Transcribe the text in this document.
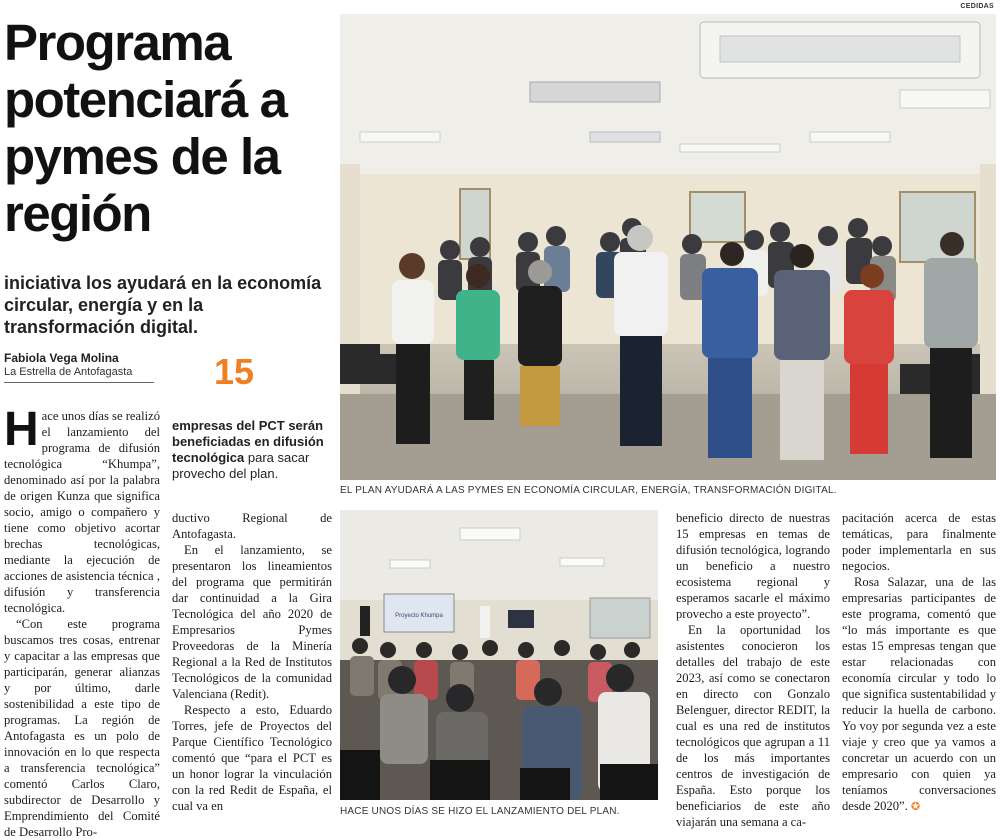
CEDIDAS
Programa potenciará a pymes de la región
iniciativa los ayudará en la economía circular, energía y en la transformación digital.
Fabiola Vega Molina
La Estrella de Antofagasta 15
empresas del PCT serán beneficiadas en difusión tecnológica para sacar provecho del plan.
EL PLAN AYUDARÁ A LAS PYMES EN ECONOMÍA CIRCULAR, ENERGÍA, TRANSFORMACIÓN DIGITAL.
Proyecto Khumpa
HACE UNOS DÍAS SE HIZO EL LANZAMIENTO DEL PLAN.

Hace unos días se realizó el lanzamiento del programa de difusión tecnológica “Khumpa”, denominado así por la palabra de origen Kunza que significa socio, amigo o compañero y tiene como objetivo acortar brechas tecnológicas, mediante la ejecución de acciones de asistencia técnica , difusión y transferencia tecnológica.

“Con este programa buscamos tres cosas, entrenar y capacitar a las empresas que participarán, generar alianzas y por último, darle sostenibilidad a este tipo de programas. La región de Antofagasta es un polo de innovación en lo que respecta a transferencia tecnológica” comentó Carlos Claro, subdirector de Desarrollo y Emprendimiento del Comité de Desarrollo Pro-

ductivo Regional de Antofagasta.

En el lanzamiento, se presentaron los lineamientos del programa que permitirán dar continuidad a la Gira Tecnológica del año 2020 de Empresarios Pymes Proveedoras de la Minería Regional a la Red de Institutos Tecnológicos de la comunidad Valenciana (Redit).

Respecto a esto, Eduardo Torres, jefe de Proyectos del Parque Científico Tecnológico comentó que “para el PCT es un honor lograr la vinculación con la red Redit de España, el cual va en

beneficio directo de nuestras 15 empresas en temas de difusión tecnológica, logrando un beneficio a nuestro ecosistema regional y esperamos sacarle el máximo provecho a este proyecto”.

En la oportunidad los asistentes conocieron los detalles del trabajo de este 2023, así como se conectaron en directo con Gonzalo Belenguer, director REDIT, la cual es una red de institutos tecnológicos que agrupan a 11 de los más importantes centros de investigación de España. Esto porque los beneficiarios de este año viajarán una semana a ca-

pacitación acerca de estas temáticas, para finalmente poder implementarla en sus negocios.

Rosa Salazar, una de las empresarias participantes de este programa, comentó que “lo más importante es que estas 15 empresas tengan que estar relacionadas con economía circular y todo lo que significa sustentabilidad y reducir la huella de carbono. Yo voy por segunda vez a este viaje y creo que ya vamos a concretar un acuerdo con un empresario con quien ya teníamos conversaciones desde 2020”. ✪
